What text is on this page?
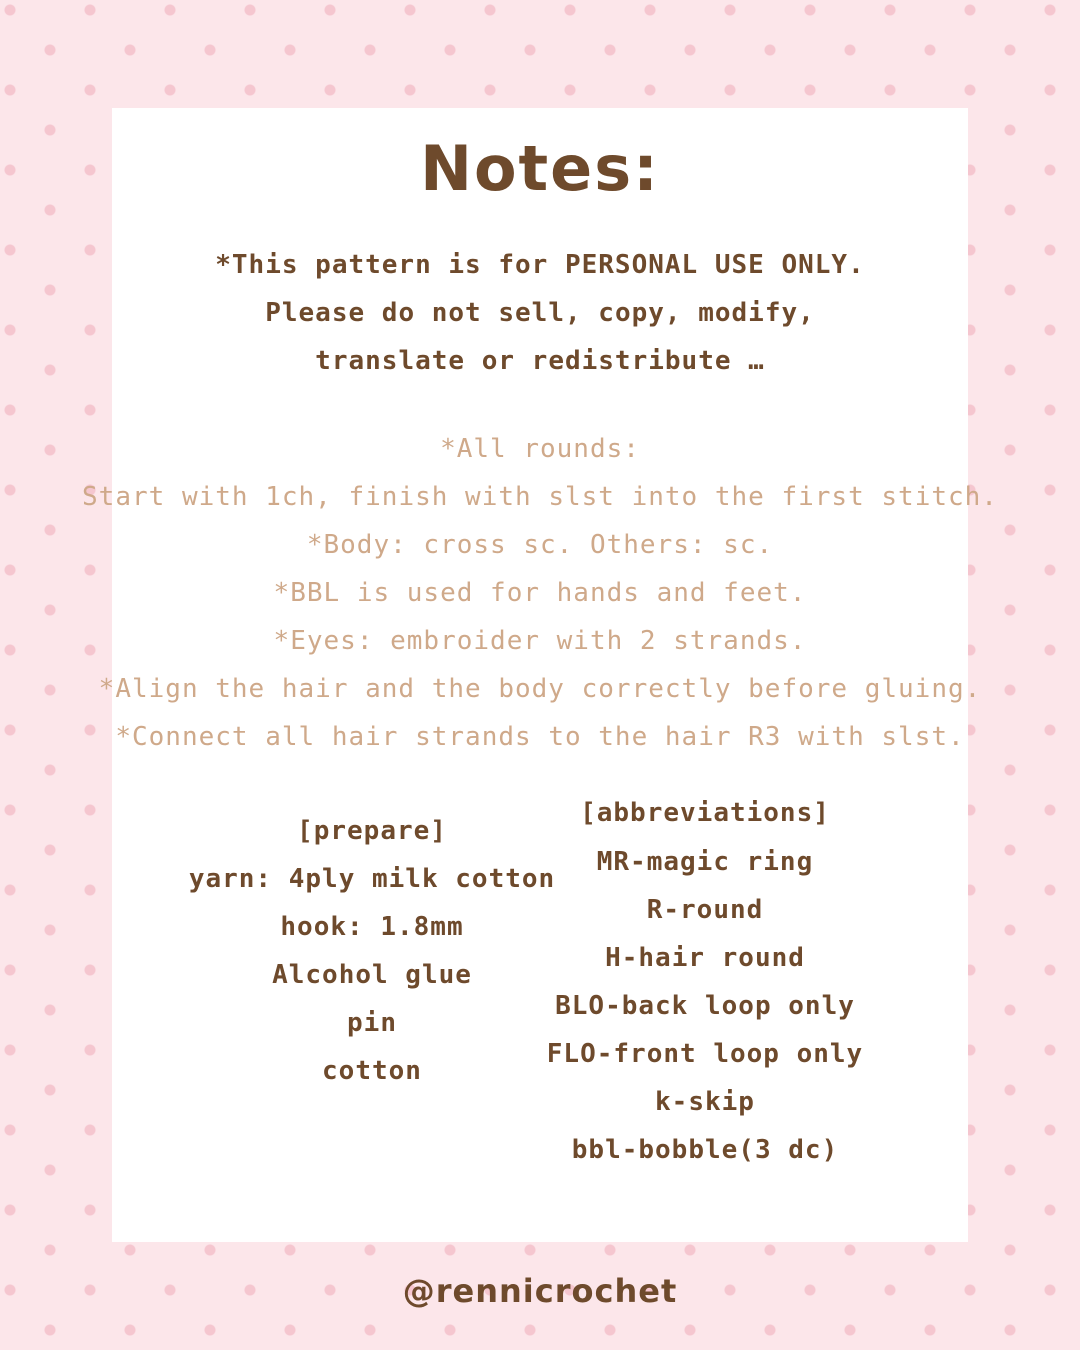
Notes:

*This pattern is for PERSONAL USE ONLY.

Please do not sell, copy, modify,

translate or redistribute …

*All rounds:

Start with 1ch, finish with slst into the first stitch.

*Body: cross sc. Others: sc.

*BBL is used for hands and feet.

*Eyes: embroider with 2 strands.

*Align the hair and the body correctly before gluing.

*Connect all hair strands to the hair R3 with slst.

[prepare]

yarn: 4ply milk cotton

hook: 1.8mm

Alcohol glue

pin

cotton

[abbreviations]

MR-magic ring

R-round

H-hair round

BLO-back loop only

FLO-front loop only

k-skip

bbl-bobble(3 dc)

@rennicrochet
